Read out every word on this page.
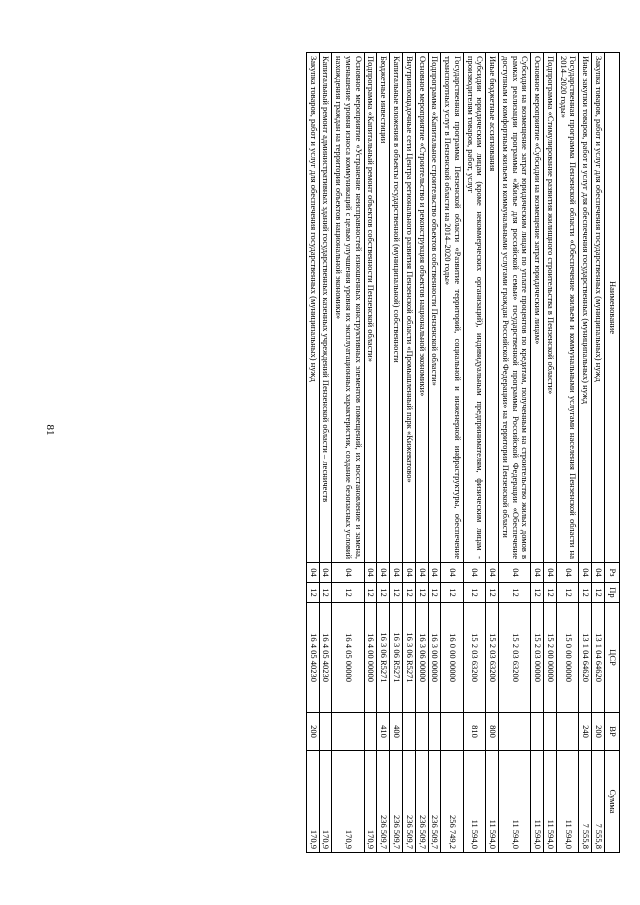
81
Наименование	Рз	Пр	ЦСР	ВР	Сумма
Закупка товаров, работ и услуг для обеспечения государственных (муниципальных) нужд	04	12	13 1 04 64620	200	7 555,8
Иные закупки товаров, работ и услуг для обеспечения государственных (муниципальных) нужд	04	12	13 1 04 64620	240	7 555,8
Государственная программа Пензенской области «Обеспечение жильем и коммунальными услугами населения Пензенской области на 2014–2020 годы»	04	12	15 0 00 00000		11 594,0
Подпрограмма «Стимулирование развития жилищного строительства в Пензенской области»	04	12	15 2 00 00000		11 594,0
Основное мероприятие «Субсидии на возмещение затрат юридическим лицам»	04	12	15 2 03 00000		11 594,0
Субсидии на возмещение затрат юридическим лицам по уплате процентов по кредитам, полученным на строительство жилых домов в рамках реализации программы «Жилье для российской семьи» государственной программы Российской Федерации «Обеспечение доступным и комфортным жильем и коммунальными услугами граждан Российской Федерации» на территории Пензенской области	04	12	15 2 03 63200		11 594,0
Иные бюджетные ассигнования	04	12	15 2 03 63200	800	11 594,0
Субсидии юридическим лицам (кроме некоммерческих организаций), индивидуальным предпринимателям, физическим лицам - производителям товаров, работ, услуг	04	12	15 2 03 63200	810	11 594,0
Государственная программа Пензенской области «Развитие территорий, социальной и инженерной инфраструктуры, обеспечение транспортных услуг в Пензенской области на 2014–2020 годы»	04	12	16 0 00 00000		256 749,2
Подпрограмма «Капитальное строительство объектов собственности Пензенской области»	04	12	16 3 00 00000		236 509,7
Основное мероприятие «Строительство и реконструкция объектов национальной экономики»	04	12	16 3 06 00000		236 509,7
Внутриплощадочные сети Центра регионального развития Пензенской области «Промышленный парк «Кижеватово»	04	12	16 3 06 R5271		236 509,7
Капитальные вложения в объекты государственной (муниципальной) собственности	04	12	16 3 06 R5271	400	236 509,7
Бюджетные инвестиции	04	12	16 3 06 R5271	410	236 509,7
Подпрограмма «Капитальный ремонт объектов собственности Пензенской области»	04	12	16 4 00 00000		170,9
Основное мероприятие «Устранение неисправностей изношенных конструктивных элементов помещений, их восстановление и замена, уменьшение уровня износа коммуникаций с целью улучшения уровня их эксплуатационных характеристик, создание безопасных условий нахождения граждан на территории объектов национальной экономики»	04	12	16 4 05 00000		170,9
Капитальный ремонт административных зданий государственных казенных учреждений Пензенской области – лесничеств	04	12	16 4 05 40230		170,9
Закупка товаров, работ и услуг для обеспечения государственных (муниципальных) нужд	04	12	16 4 05 40230	200	170,9
